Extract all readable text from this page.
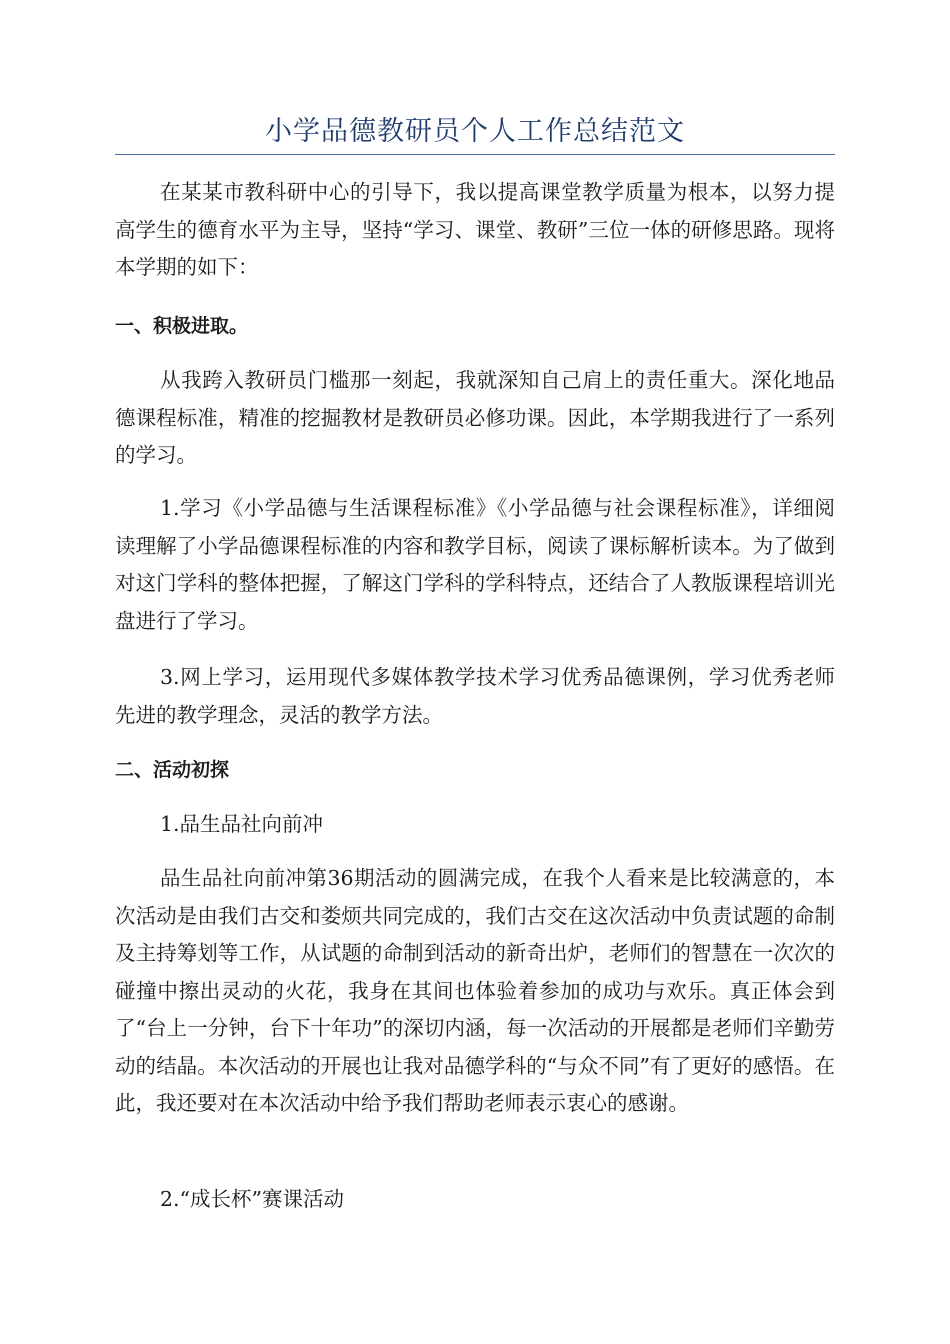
小学品德教研员个人工作总结范文

在某某市教科研中心的引导下，我以提高课堂教学质量为根本，以努力提高学生的德育水平为主导，坚持“学习、课堂、教研”三位一体的研修思路。现将本学期的如下：

一、积极进取。

从我跨入教研员门槛那一刻起，我就深知自己肩上的责任重大。深化地品德课程标准，精准的挖掘教材是教研员必修功课。因此，本学期我进行了一系列的学习。

1.学习《小学品德与生活课程标准》《小学品德与社会课程标准》，详细阅读理解了小学品德课程标准的内容和教学目标，阅读了课标解析读本。为了做到对这门学科的整体把握，了解这门学科的学科特点，还结合了人教版课程培训光盘进行了学习。

3.网上学习，运用现代多媒体教学技术学习优秀品德课例，学习优秀老师先进的教学理念，灵活的教学方法。

二、活动初探

1.品生品社向前冲

品生品社向前冲第36期活动的圆满完成，在我个人看来是比较满意的，本次活动是由我们古交和娄烦共同完成的，我们古交在这次活动中负责试题的命制及主持筹划等工作，从试题的命制到活动的新奇出炉，老师们的智慧在一次次的碰撞中擦出灵动的火花，我身在其间也体验着参加的成功与欢乐。真正体会到了“台上一分钟，台下十年功”的深切内涵，每一次活动的开展都是老师们辛勤劳动的结晶。本次活动的开展也让我对品德学科的“与众不同”有了更好的感悟。在此，我还要对在本次活动中给予我们帮助老师表示衷心的感谢。

2.“成长杯”赛课活动
